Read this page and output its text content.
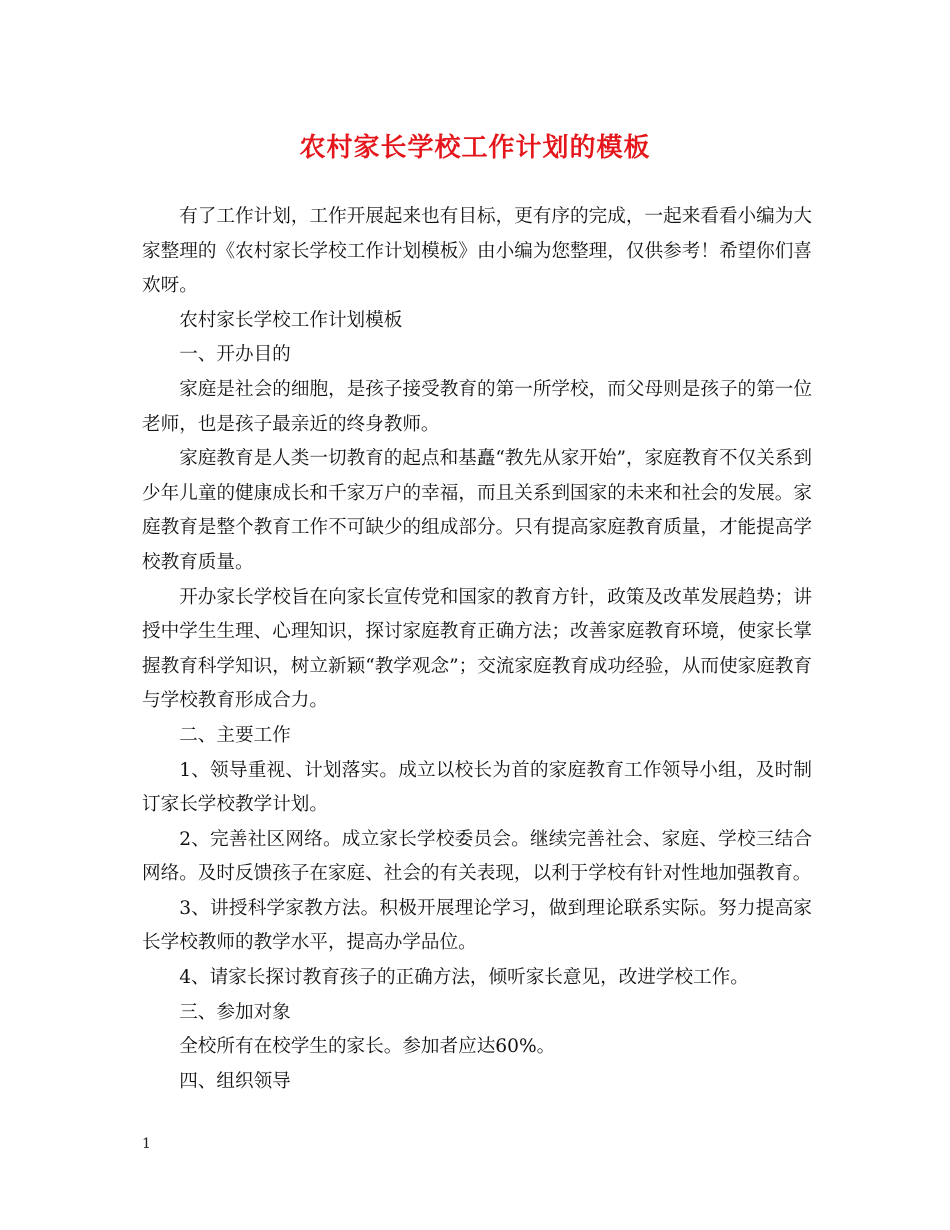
农村家长学校工作计划的模板

有了工作计划，工作开展起来也有目标，更有序的完成，一起来看看小编为大家整理的《农村家长学校工作计划模板》由小编为您整理，仅供参考！希望你们喜欢呀。

农村家长学校工作计划模板

一、开办目的

家庭是社会的细胞，是孩子接受教育的第一所学校，而父母则是孩子的第一位老师，也是孩子最亲近的终身教师。

家庭教育是人类一切教育的起点和基矗“教先从家开始”，家庭教育不仅关系到少年儿童的健康成长和千家万户的幸福，而且关系到国家的未来和社会的发展。家庭教育是整个教育工作不可缺少的组成部分。只有提高家庭教育质量，才能提高学校教育质量。

开办家长学校旨在向家长宣传党和国家的教育方针，政策及改革发展趋势；讲授中学生生理、心理知识，探讨家庭教育正确方法；改善家庭教育环境，使家长掌握教育科学知识，树立新颖“教学观念”；交流家庭教育成功经验，从而使家庭教育与学校教育形成合力。

二、主要工作

1、领导重视、计划落实。成立以校长为首的家庭教育工作领导小组，及时制订家长学校教学计划。

2、完善社区网络。成立家长学校委员会。继续完善社会、家庭、学校三结合网络。及时反馈孩子在家庭、社会的有关表现，以利于学校有针对性地加强教育。

3、讲授科学家教方法。积极开展理论学习，做到理论联系实际。努力提高家长学校教师的教学水平，提高办学品位。

4、请家长探讨教育孩子的正确方法，倾听家长意见，改进学校工作。

三、参加对象

全校所有在校学生的家长。参加者应达60%。

四、组织领导

1
